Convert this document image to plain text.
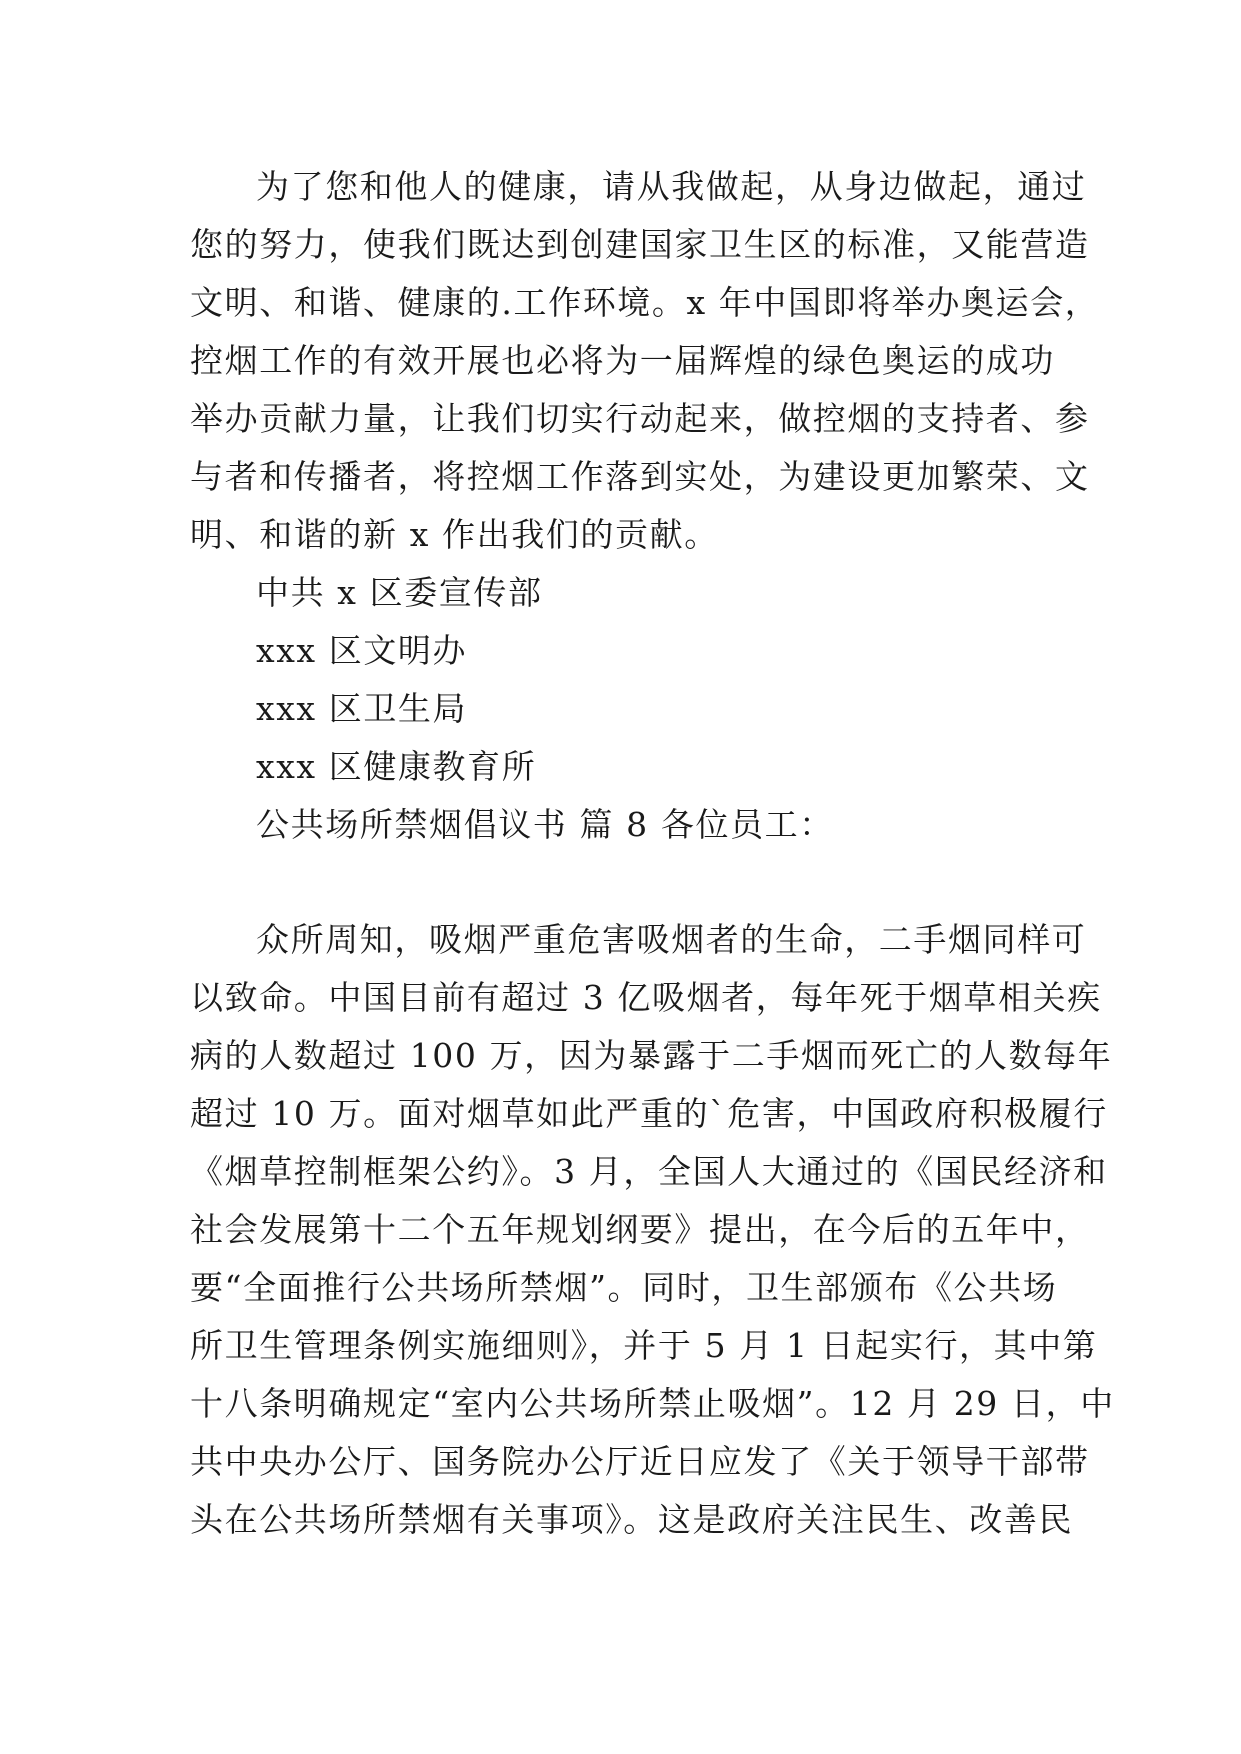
为了您和他人的健康，请从我做起，从身边做起，通过
您的努力，使我们既达到创建国家卫生区的标准，又能营造
文明、和谐、健康的.工作环境。x 年中国即将举办奥运会，
控烟工作的有效开展也必将为一届辉煌的绿色奥运的成功
举办贡献力量，让我们切实行动起来，做控烟的支持者、参
与者和传播者，将控烟工作落到实处，为建设更加繁荣、文
明、和谐的新 x 作出我们的贡献。
中共 x 区委宣传部
xxx 区文明办
xxx 区卫生局
xxx 区健康教育所
公共场所禁烟倡议书 篇 8 各位员工：
众所周知，吸烟严重危害吸烟者的生命，二手烟同样可
以致命。中国目前有超过 3 亿吸烟者，每年死于烟草相关疾
病的人数超过 100 万，因为暴露于二手烟而死亡的人数每年
超过 10 万。面对烟草如此严重的`危害，中国政府积极履行
《烟草控制框架公约》。3 月，全国人大通过的《国民经济和
社会发展第十二个五年规划纲要》提出，在今后的五年中，
要“全面推行公共场所禁烟”。同时，卫生部颁布《公共场
所卫生管理条例实施细则》，并于 5 月 1 日起实行，其中第
十八条明确规定“室内公共场所禁止吸烟”。12 月 29 日，中
共中央办公厅、国务院办公厅近日应发了《关于领导干部带
头在公共场所禁烟有关事项》。这是政府关注民生、改善民
